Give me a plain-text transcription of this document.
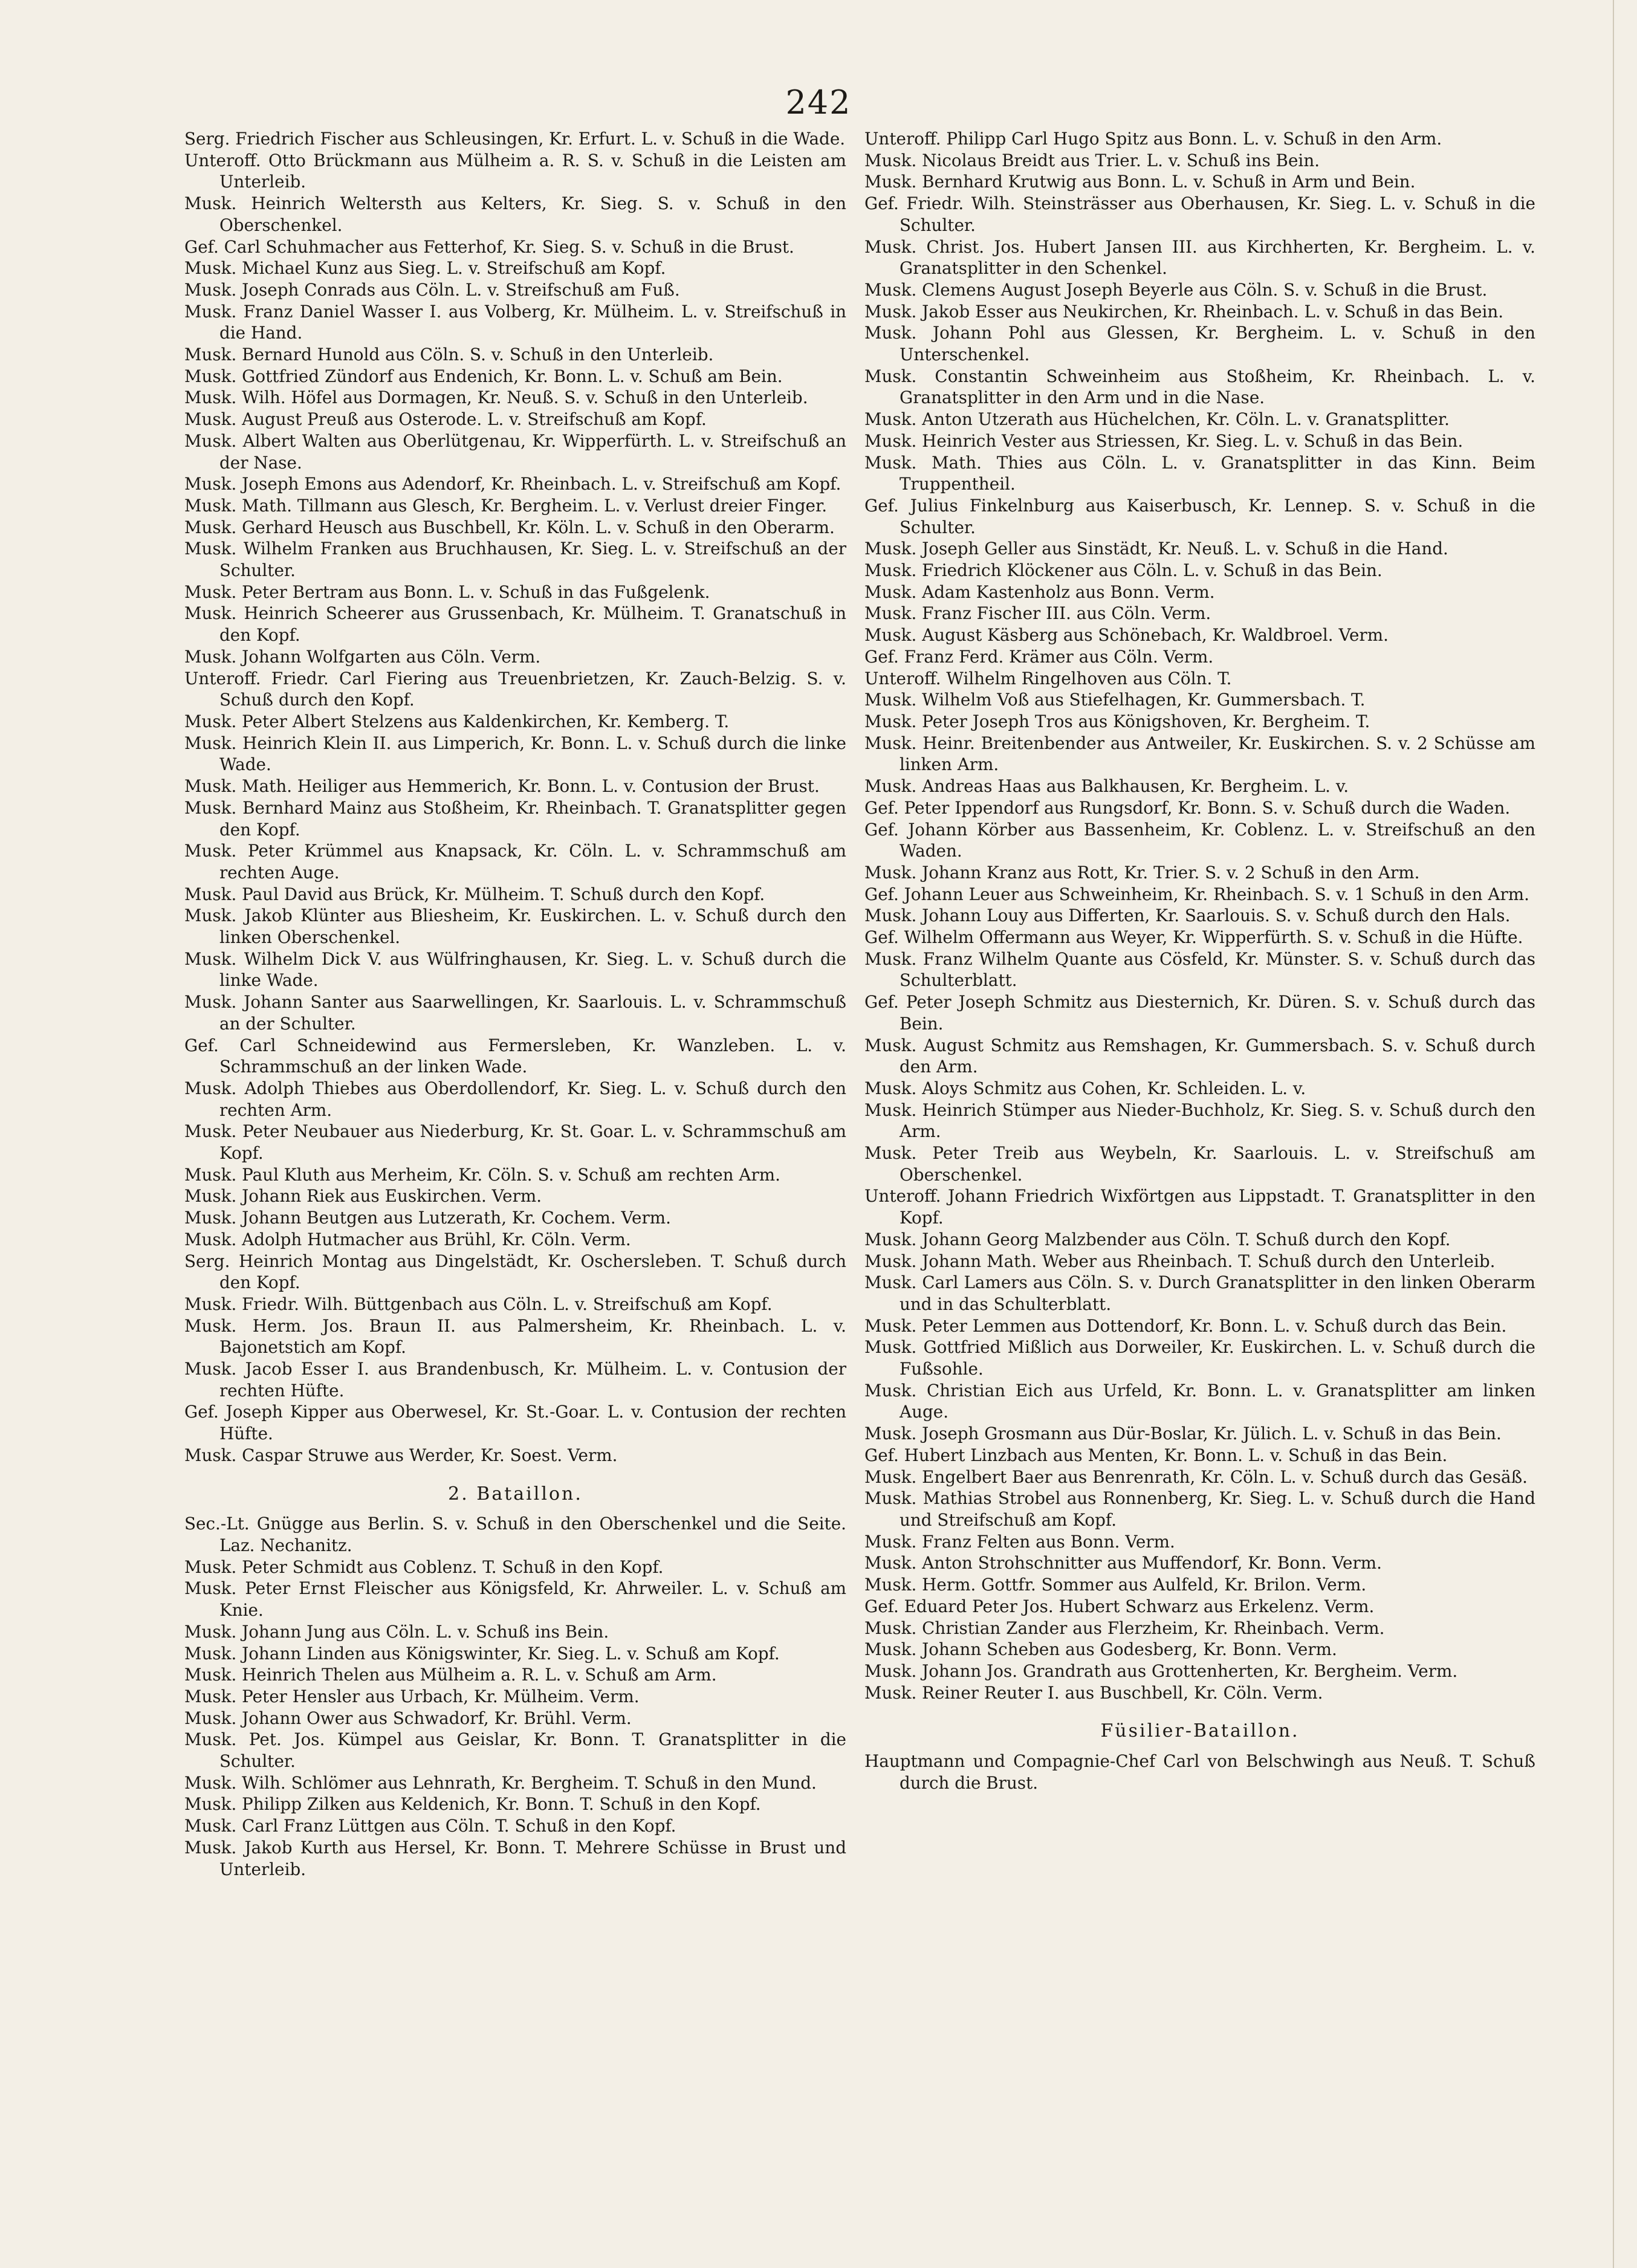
242
Serg. Friedrich Fischer aus Schleusingen, Kr. Erfurt. L. v. Schuß in die Wade.
Unteroff. Otto Brückmann aus Mülheim a. R. S. v. Schuß in die Leisten am Unterleib.
Musk. Heinrich Weltersth aus Kelters, Kr. Sieg. S. v. Schuß in den Oberschenkel.
Gef. Carl Schuhmacher aus Fetterhof, Kr. Sieg. S. v. Schuß in die Brust.
Musk. Michael Kunz aus Sieg. L. v. Streifschuß am Kopf.
Musk. Joseph Conrads aus Cöln. L. v. Streifschuß am Fuß.
Musk. Franz Daniel Wasser I. aus Volberg, Kr. Mülheim. L. v. Streifschuß in die Hand.
Musk. Bernard Hunold aus Cöln. S. v. Schuß in den Unterleib.
Musk. Gottfried Zündorf aus Endenich, Kr. Bonn. L. v. Schuß am Bein.
Musk. Wilh. Höfel aus Dormagen, Kr. Neuß. S. v. Schuß in den Unterleib.
Musk. August Preuß aus Osterode. L. v. Streifschuß am Kopf.
Musk. Albert Walten aus Oberlütgenau, Kr. Wipperfürth. L. v. Streifschuß an der Nase.
Musk. Joseph Emons aus Adendorf, Kr. Rheinbach. L. v. Streifschuß am Kopf.
Musk. Math. Tillmann aus Glesch, Kr. Bergheim. L. v. Verlust dreier Finger.
Musk. Gerhard Heusch aus Buschbell, Kr. Köln. L. v. Schuß in den Oberarm.
Musk. Wilhelm Franken aus Bruchhausen, Kr. Sieg. L. v. Streifschuß an der Schulter.
Musk. Peter Bertram aus Bonn. L. v. Schuß in das Fußgelenk.
Musk. Heinrich Scheerer aus Grussenbach, Kr. Mülheim. T. Granatschuß in den Kopf.
Musk. Johann Wolfgarten aus Cöln. Verm.
Unteroff. Friedr. Carl Fiering aus Treuenbrietzen, Kr. Zauch-Belzig. S. v. Schuß durch den Kopf.
Musk. Peter Albert Stelzens aus Kaldenkirchen, Kr. Kemberg. T.
Musk. Heinrich Klein II. aus Limperich, Kr. Bonn. L. v. Schuß durch die linke Wade.
Musk. Math. Heiliger aus Hemmerich, Kr. Bonn. L. v. Contusion der Brust.
Musk. Bernhard Mainz aus Stoßheim, Kr. Rheinbach. T. Granatsplitter gegen den Kopf.
Musk. Peter Krümmel aus Knapsack, Kr. Cöln. L. v. Schrammschuß am rechten Auge.
Musk. Paul David aus Brück, Kr. Mülheim. T. Schuß durch den Kopf.
Musk. Jakob Klünter aus Bliesheim, Kr. Euskirchen. L. v. Schuß durch den linken Oberschenkel.
Musk. Wilhelm Dick V. aus Wülfringhausen, Kr. Sieg. L. v. Schuß durch die linke Wade.
Musk. Johann Santer aus Saarwellingen, Kr. Saarlouis. L. v. Schrammschuß an der Schulter.
Gef. Carl Schneidewind aus Fermersleben, Kr. Wanzleben. L. v. Schrammschuß an der linken Wade.
Musk. Adolph Thiebes aus Oberdollendorf, Kr. Sieg. L. v. Schuß durch den rechten Arm.
Musk. Peter Neubauer aus Niederburg, Kr. St. Goar. L. v. Schrammschuß am Kopf.
Musk. Paul Kluth aus Merheim, Kr. Cöln. S. v. Schuß am rechten Arm.
Musk. Johann Riek aus Euskirchen. Verm.
Musk. Johann Beutgen aus Lutzerath, Kr. Cochem. Verm.
Musk. Adolph Hutmacher aus Brühl, Kr. Cöln. Verm.
Serg. Heinrich Montag aus Dingelstädt, Kr. Oschersleben. T. Schuß durch den Kopf.
Musk. Friedr. Wilh. Büttgenbach aus Cöln. L. v. Streifschuß am Kopf.
Musk. Herm. Jos. Braun II. aus Palmersheim, Kr. Rheinbach. L. v. Bajonetstich am Kopf.
Musk. Jacob Esser I. aus Brandenbusch, Kr. Mülheim. L. v. Contusion der rechten Hüfte.
Gef. Joseph Kipper aus Oberwesel, Kr. St.-Goar. L. v. Contusion der rechten Hüfte.
Musk. Caspar Struwe aus Werder, Kr. Soest. Verm.
2. Bataillon.
Sec.-Lt. Gnügge aus Berlin. S. v. Schuß in den Oberschenkel und die Seite. Laz. Nechanitz.
Musk. Peter Schmidt aus Coblenz. T. Schuß in den Kopf.
Musk. Peter Ernst Fleischer aus Königsfeld, Kr. Ahrweiler. L. v. Schuß am Knie.
Musk. Johann Jung aus Cöln. L. v. Schuß ins Bein.
Musk. Johann Linden aus Königswinter, Kr. Sieg. L. v. Schuß am Kopf.
Musk. Heinrich Thelen aus Mülheim a. R. L. v. Schuß am Arm.
Musk. Peter Hensler aus Urbach, Kr. Mülheim. Verm.
Musk. Johann Ower aus Schwadorf, Kr. Brühl. Verm.
Musk. Pet. Jos. Kümpel aus Geislar, Kr. Bonn. T. Granatsplitter in die Schulter.
Musk. Wilh. Schlömer aus Lehnrath, Kr. Bergheim. T. Schuß in den Mund.
Musk. Philipp Zilken aus Keldenich, Kr. Bonn. T. Schuß in den Kopf.
Musk. Carl Franz Lüttgen aus Cöln. T. Schuß in den Kopf.
Musk. Jakob Kurth aus Hersel, Kr. Bonn. T. Mehrere Schüsse in Brust und Unterleib.
Unteroff. Philipp Carl Hugo Spitz aus Bonn. L. v. Schuß in den Arm.
Musk. Nicolaus Breidt aus Trier. L. v. Schuß ins Bein.
Musk. Bernhard Krutwig aus Bonn. L. v. Schuß in Arm und Bein.
Gef. Friedr. Wilh. Steinsträsser aus Oberhausen, Kr. Sieg. L. v. Schuß in die Schulter.
Musk. Christ. Jos. Hubert Jansen III. aus Kirchherten, Kr. Bergheim. L. v. Granatsplitter in den Schenkel.
Musk. Clemens August Joseph Beyerle aus Cöln. S. v. Schuß in die Brust.
Musk. Jakob Esser aus Neukirchen, Kr. Rheinbach. L. v. Schuß in das Bein.
Musk. Johann Pohl aus Glessen, Kr. Bergheim. L. v. Schuß in den Unterschenkel.
Musk. Constantin Schweinheim aus Stoßheim, Kr. Rheinbach. L. v. Granatsplitter in den Arm und in die Nase.
Musk. Anton Utzerath aus Hüchelchen, Kr. Cöln. L. v. Granatsplitter.
Musk. Heinrich Vester aus Striessen, Kr. Sieg. L. v. Schuß in das Bein.
Musk. Math. Thies aus Cöln. L. v. Granatsplitter in das Kinn. Beim Truppentheil.
Gef. Julius Finkelnburg aus Kaiserbusch, Kr. Lennep. S. v. Schuß in die Schulter.
Musk. Joseph Geller aus Sinstädt, Kr. Neuß. L. v. Schuß in die Hand.
Musk. Friedrich Klöckener aus Cöln. L. v. Schuß in das Bein.
Musk. Adam Kastenholz aus Bonn. Verm.
Musk. Franz Fischer III. aus Cöln. Verm.
Musk. August Käsberg aus Schönebach, Kr. Waldbroel. Verm.
Gef. Franz Ferd. Krämer aus Cöln. Verm.
Unteroff. Wilhelm Ringelhoven aus Cöln. T.
Musk. Wilhelm Voß aus Stiefelhagen, Kr. Gummersbach. T.
Musk. Peter Joseph Tros aus Königshoven, Kr. Bergheim. T.
Musk. Heinr. Breitenbender aus Antweiler, Kr. Euskirchen. S. v. 2 Schüsse am linken Arm.
Musk. Andreas Haas aus Balkhausen, Kr. Bergheim. L. v.
Gef. Peter Ippendorf aus Rungsdorf, Kr. Bonn. S. v. Schuß durch die Waden.
Gef. Johann Körber aus Bassenheim, Kr. Coblenz. L. v. Streifschuß an den Waden.
Musk. Johann Kranz aus Rott, Kr. Trier. S. v. 2 Schuß in den Arm.
Gef. Johann Leuer aus Schweinheim, Kr. Rheinbach. S. v. 1 Schuß in den Arm.
Musk. Johann Louy aus Differten, Kr. Saarlouis. S. v. Schuß durch den Hals.
Gef. Wilhelm Offermann aus Weyer, Kr. Wipperfürth. S. v. Schuß in die Hüfte.
Musk. Franz Wilhelm Quante aus Cösfeld, Kr. Münster. S. v. Schuß durch das Schulterblatt.
Gef. Peter Joseph Schmitz aus Diesternich, Kr. Düren. S. v. Schuß durch das Bein.
Musk. August Schmitz aus Remshagen, Kr. Gummersbach. S. v. Schuß durch den Arm.
Musk. Aloys Schmitz aus Cohen, Kr. Schleiden. L. v.
Musk. Heinrich Stümper aus Nieder-Buchholz, Kr. Sieg. S. v. Schuß durch den Arm.
Musk. Peter Treib aus Weybeln, Kr. Saarlouis. L. v. Streifschuß am Oberschenkel.
Unteroff. Johann Friedrich Wixförtgen aus Lippstadt. T. Granatsplitter in den Kopf.
Musk. Johann Georg Malzbender aus Cöln. T. Schuß durch den Kopf.
Musk. Johann Math. Weber aus Rheinbach. T. Schuß durch den Unterleib.
Musk. Carl Lamers aus Cöln. S. v. Durch Granatsplitter in den linken Oberarm und in das Schulterblatt.
Musk. Peter Lemmen aus Dottendorf, Kr. Bonn. L. v. Schuß durch das Bein.
Musk. Gottfried Mißlich aus Dorweiler, Kr. Euskirchen. L. v. Schuß durch die Fußsohle.
Musk. Christian Eich aus Urfeld, Kr. Bonn. L. v. Granatsplitter am linken Auge.
Musk. Joseph Grosmann aus Dür-Boslar, Kr. Jülich. L. v. Schuß in das Bein.
Gef. Hubert Linzbach aus Menten, Kr. Bonn. L. v. Schuß in das Bein.
Musk. Engelbert Baer aus Benrenrath, Kr. Cöln. L. v. Schuß durch das Gesäß.
Musk. Mathias Strobel aus Ronnenberg, Kr. Sieg. L. v. Schuß durch die Hand und Streifschuß am Kopf.
Musk. Franz Felten aus Bonn. Verm.
Musk. Anton Strohschnitter aus Muffendorf, Kr. Bonn. Verm.
Musk. Herm. Gottfr. Sommer aus Aulfeld, Kr. Brilon. Verm.
Gef. Eduard Peter Jos. Hubert Schwarz aus Erkelenz. Verm.
Musk. Christian Zander aus Flerzheim, Kr. Rheinbach. Verm.
Musk. Johann Scheben aus Godesberg, Kr. Bonn. Verm.
Musk. Johann Jos. Grandrath aus Grottenherten, Kr. Bergheim. Verm.
Musk. Reiner Reuter I. aus Buschbell, Kr. Cöln. Verm.
Füsilier-Bataillon.
Hauptmann und Compagnie-Chef Carl von Belschwingh aus Neuß. T. Schuß durch die Brust.
